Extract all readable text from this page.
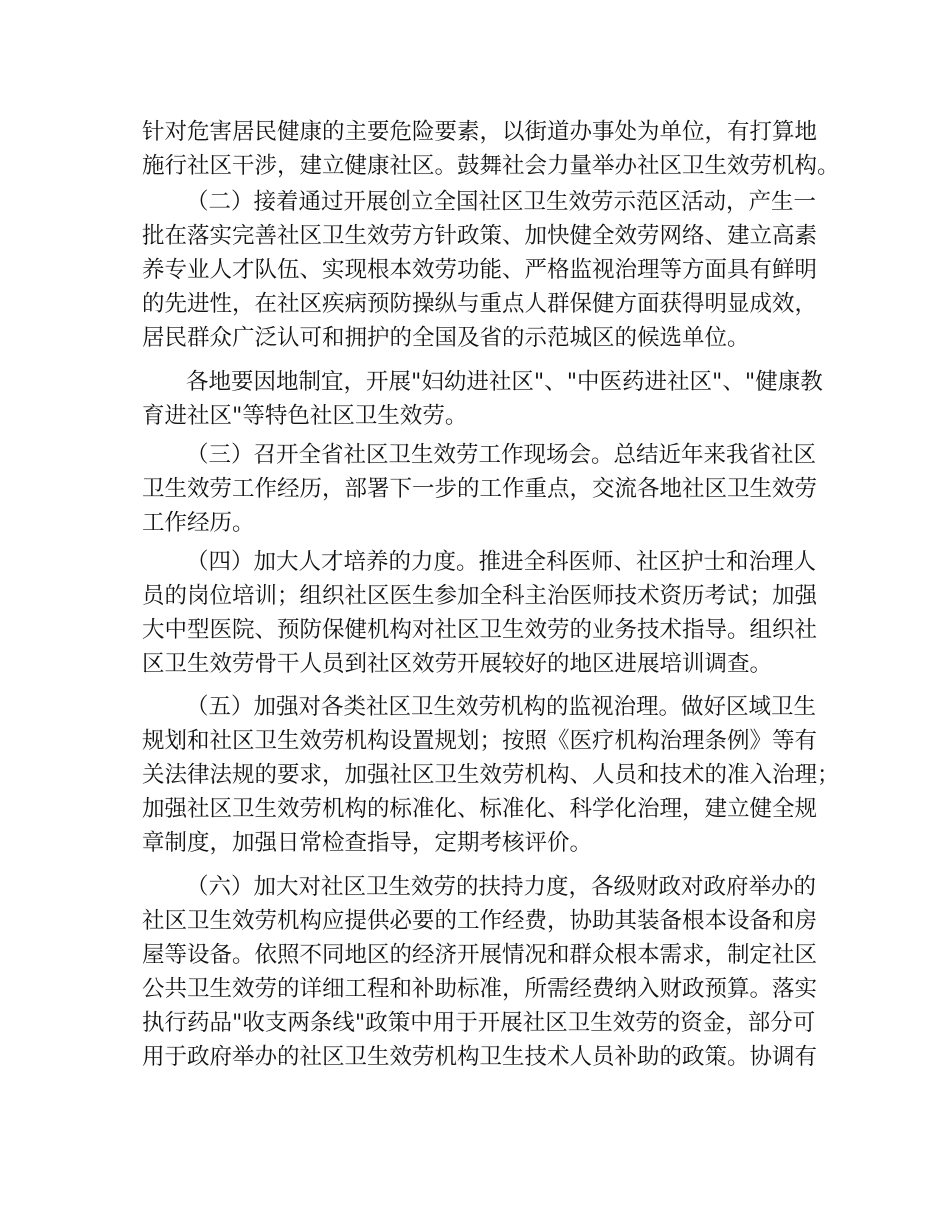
针对危害居民健康的主要危险要素，以街道办事处为单位，有打算地
施行社区干涉，建立健康社区。鼓舞社会力量举办社区卫生效劳机构。
（二）接着通过开展创立全国社区卫生效劳示范区活动，产生一
批在落实完善社区卫生效劳方针政策、加快健全效劳网络、建立高素
养专业人才队伍、实现根本效劳功能、严格监视治理等方面具有鲜明
的先进性，在社区疾病预防操纵与重点人群保健方面获得明显成效，
居民群众广泛认可和拥护的全国及省的示范城区的候选单位。
各地要因地制宜，开展"妇幼进社区"、"中医药进社区"、"健康教
育进社区"等特色社区卫生效劳。
（三）召开全省社区卫生效劳工作现场会。总结近年来我省社区
卫生效劳工作经历，部署下一步的工作重点，交流各地社区卫生效劳
工作经历。
（四）加大人才培养的力度。推进全科医师、社区护士和治理人
员的岗位培训；组织社区医生参加全科主治医师技术资历考试；加强
大中型医院、预防保健机构对社区卫生效劳的业务技术指导。组织社
区卫生效劳骨干人员到社区效劳开展较好的地区进展培训调查。
（五）加强对各类社区卫生效劳机构的监视治理。做好区域卫生
规划和社区卫生效劳机构设置规划；按照《医疗机构治理条例》等有
关法律法规的要求，加强社区卫生效劳机构、人员和技术的准入治理；
加强社区卫生效劳机构的标准化、标准化、科学化治理，建立健全规
章制度，加强日常检查指导，定期考核评价。
（六）加大对社区卫生效劳的扶持力度，各级财政对政府举办的
社区卫生效劳机构应提供必要的工作经费，协助其装备根本设备和房
屋等设备。依照不同地区的经济开展情况和群众根本需求，制定社区
公共卫生效劳的详细工程和补助标准，所需经费纳入财政预算。落实
执行药品"收支两条线"政策中用于开展社区卫生效劳的资金，部分可
用于政府举办的社区卫生效劳机构卫生技术人员补助的政策。协调有
